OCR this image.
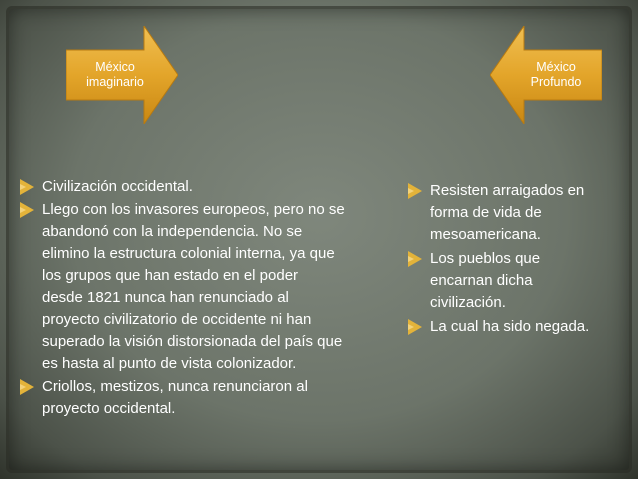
México
imaginario
México
Profundo
Civilización occidental.
Llego con los invasores europeos, pero no se
abandonó con la independencia. No se
elimino la estructura colonial interna, ya que
los grupos que han estado en el poder
desde 1821 nunca han renunciado al
proyecto civilizatorio de occidente ni han
superado la visión distorsionada del país que
es hasta al punto de vista colonizador.
Criollos, mestizos, nunca renunciaron al
proyecto occidental.
Resisten arraigados en
forma de vida de
mesoamericana.
Los pueblos que
encarnan dicha
civilización.
La cual ha sido negada.
